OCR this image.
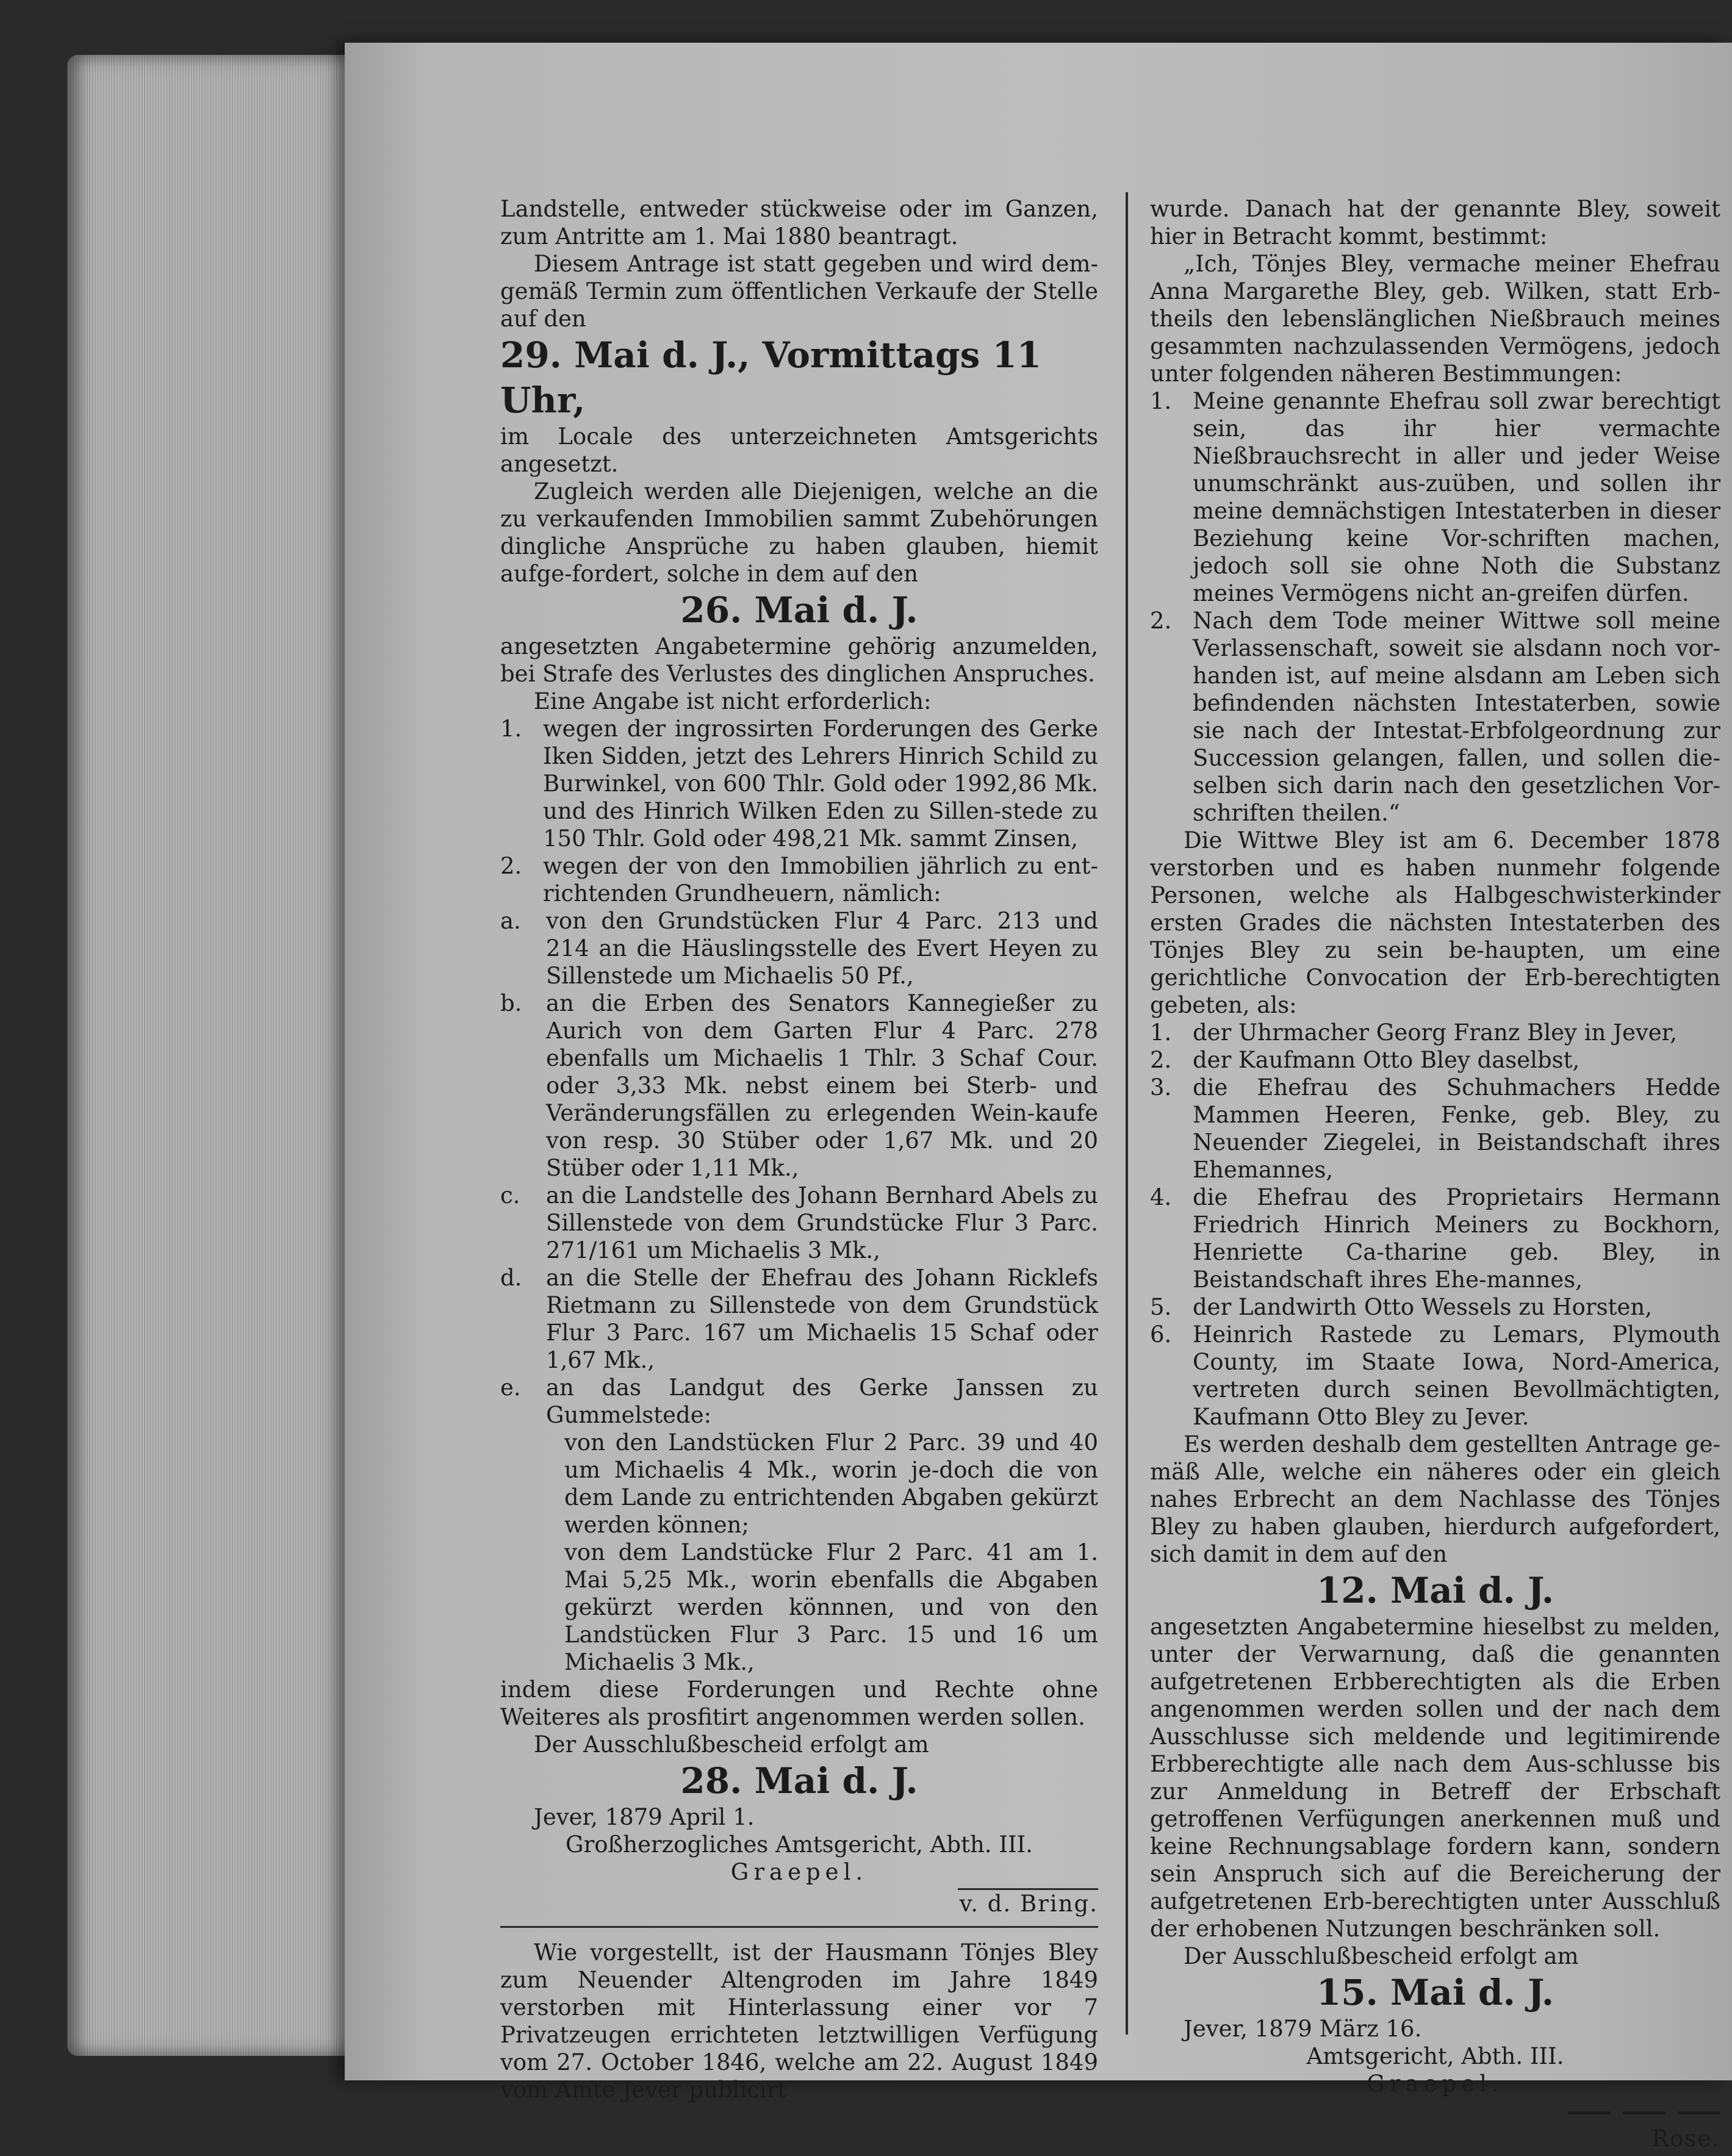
Landstelle, entweder stückweise oder im Ganzen, zum Antritte am 1. Mai 1880 beantragt.

Diesem Antrage ist statt gegeben und wird dem-gemäß Termin zum öffentlichen Verkaufe der Stelle auf den

29. Mai d. J., Vormittags 11 Uhr,

im Locale des unterzeichneten Amtsgerichts angesetzt.

Zugleich werden alle Diejenigen, welche an die zu verkaufenden Immobilien sammt Zubehörungen dingliche Ansprüche zu haben glauben, hiemit aufge-fordert, solche in dem auf den

26. Mai d. J.

angesetzten Angabetermine gehörig anzumelden, bei Strafe des Verlustes des dinglichen Anspruches.

Eine Angabe ist nicht erforderlich:

1. wegen der ingrossirten Forderungen des Gerke Iken Sidden, jetzt des Lehrers Hinrich Schild zu Burwinkel, von 600 Thlr. Gold oder 1992,86 Mk. und des Hinrich Wilken Eden zu Sillen-stede zu 150 Thlr. Gold oder 498,21 Mk. sammt Zinsen,
2. wegen der von den Immobilien jährlich zu ent-richtenden Grundheuern, nämlich:
a.	von den Grundstücken Flur 4 Parc. 213 und 214 an die Häuslingsstelle des Evert Heyen zu Sillenstede um Michaelis 50 Pf.,
b.	an die Erben des Senators Kannegießer zu Aurich von dem Garten Flur 4 Parc. 278 ebenfalls um Michaelis 1 Thlr. 3 Schaf Cour. oder 3,33 Mk. nebst einem bei Sterb- und Veränderungsfällen zu erlegenden Wein-kaufe von resp. 30 Stüber oder 1,67 Mk. und 20 Stüber oder 1,11 Mk.,
c.	an die Landstelle des Johann Bernhard Abels zu Sillenstede von dem Grundstücke Flur 3 Parc. 271/161 um Michaelis 3 Mk.,
d.	an die Stelle der Ehefrau des Johann Ricklefs Rietmann zu Sillenstede von dem Grundstück Flur 3 Parc. 167 um Michaelis 15 Schaf oder 1,67 Mk.,
e.	an das Landgut des Gerke Janssen zu Gummelstede:

von den Landstücken Flur 2 Parc. 39 und 40 um Michaelis 4 Mk., worin je-doch die von dem Lande zu entrichtenden Abgaben gekürzt werden können;

von dem Landstücke Flur 2 Parc. 41 am 1. Mai 5,25 Mk., worin ebenfalls die Abgaben gekürzt werden könnnen, und von den Landstücken Flur 3 Parc. 15 und 16 um Michaelis 3 Mk.,

indem diese Forderungen und Rechte ohne Weiteres als prosfitirt angenommen werden sollen.

Der Ausschlußbescheid erfolgt am

28. Mai d. J.

Jever, 1879 April 1.

Großherzogliches Amtsgericht, Abth. III.

Graepel.

v. d. Bring.

Wie vorgestellt, ist der Hausmann Tönjes Bley zum Neuender Altengroden im Jahre 1849 verstorben mit Hinterlassung einer vor 7 Privatzeugen errichteten letztwilligen Verfügung vom 27. October 1846, welche am 22. August 1849 vom Amte Jever publicirt

wurde. Danach hat der genannte Bley, soweit hier in Betracht kommt, bestimmt:

„Ich, Tönjes Bley, vermache meiner Ehefrau Anna Margarethe Bley, geb. Wilken, statt Erb-theils den lebenslänglichen Nießbrauch meines gesammten nachzulassenden Vermögens, jedoch unter folgenden näheren Bestimmungen:

1. Meine genannte Ehefrau soll zwar berechtigt sein, das ihr hier vermachte Nießbrauchsrecht in aller und jeder Weise unumschränkt aus-zuüben, und sollen ihr meine demnächstigen Intestaterben in dieser Beziehung keine Vor-schriften machen, jedoch soll sie ohne Noth die Substanz meines Vermögens nicht an-greifen dürfen.
2. Nach dem Tode meiner Wittwe soll meine Verlassenschaft, soweit sie alsdann noch vor-handen ist, auf meine alsdann am Leben sich befindenden nächsten Intestaterben, sowie sie nach der Intestat-Erbfolgeordnung zur Succession gelangen, fallen, und sollen die-selben sich darin nach den gesetzlichen Vor-schriften theilen.“

Die Wittwe Bley ist am 6. December 1878 verstorben und es haben nunmehr folgende Personen, welche als Halbgeschwisterkinder ersten Grades die nächsten Intestaterben des Tönjes Bley zu sein be-haupten, um eine gerichtliche Convocation der Erb-berechtigten gebeten, als:

1. der Uhrmacher Georg Franz Bley in Jever,
2. der Kaufmann Otto Bley daselbst,
3. die Ehefrau des Schuhmachers Hedde Mammen Heeren, Fenke, geb. Bley, zu Neuender Ziegelei, in Beistandschaft ihres Ehemannes,
4. die Ehefrau des Proprietairs Hermann Friedrich Hinrich Meiners zu Bockhorn, Henriette Ca-tharine geb. Bley, in Beistandschaft ihres Ehe-mannes,
5. der Landwirth Otto Wessels zu Horsten,
6. Heinrich Rastede zu Lemars, Plymouth County, im Staate Iowa, Nord-America, vertreten durch seinen Bevollmächtigten, Kaufmann Otto Bley zu Jever.

Es werden deshalb dem gestellten Antrage ge-mäß Alle, welche ein näheres oder ein gleich nahes Erbrecht an dem Nachlasse des Tönjes Bley zu haben glauben, hierdurch aufgefordert, sich damit in dem auf den

12. Mai d. J.

angesetzten Angabetermine hieselbst zu melden, unter der Verwarnung, daß die genannten aufgetretenen Erbberechtigten als die Erben angenommen werden sollen und der nach dem Ausschlusse sich meldende und legitimirende Erbberechtigte alle nach dem Aus-schlusse bis zur Anmeldung in Betreff der Erbschaft getroffenen Verfügungen anerkennen muß und keine Rechnungsablage fordern kann, sondern sein Anspruch sich auf die Bereicherung der aufgetretenen Erb-berechtigten unter Ausschluß der erhobenen Nutzungen beschränken soll.

Der Ausschlußbescheid erfolgt am

15. Mai d. J.

Jever, 1879 März 16.

Amtsgericht, Abth. III.

Graepel.

Rose.
